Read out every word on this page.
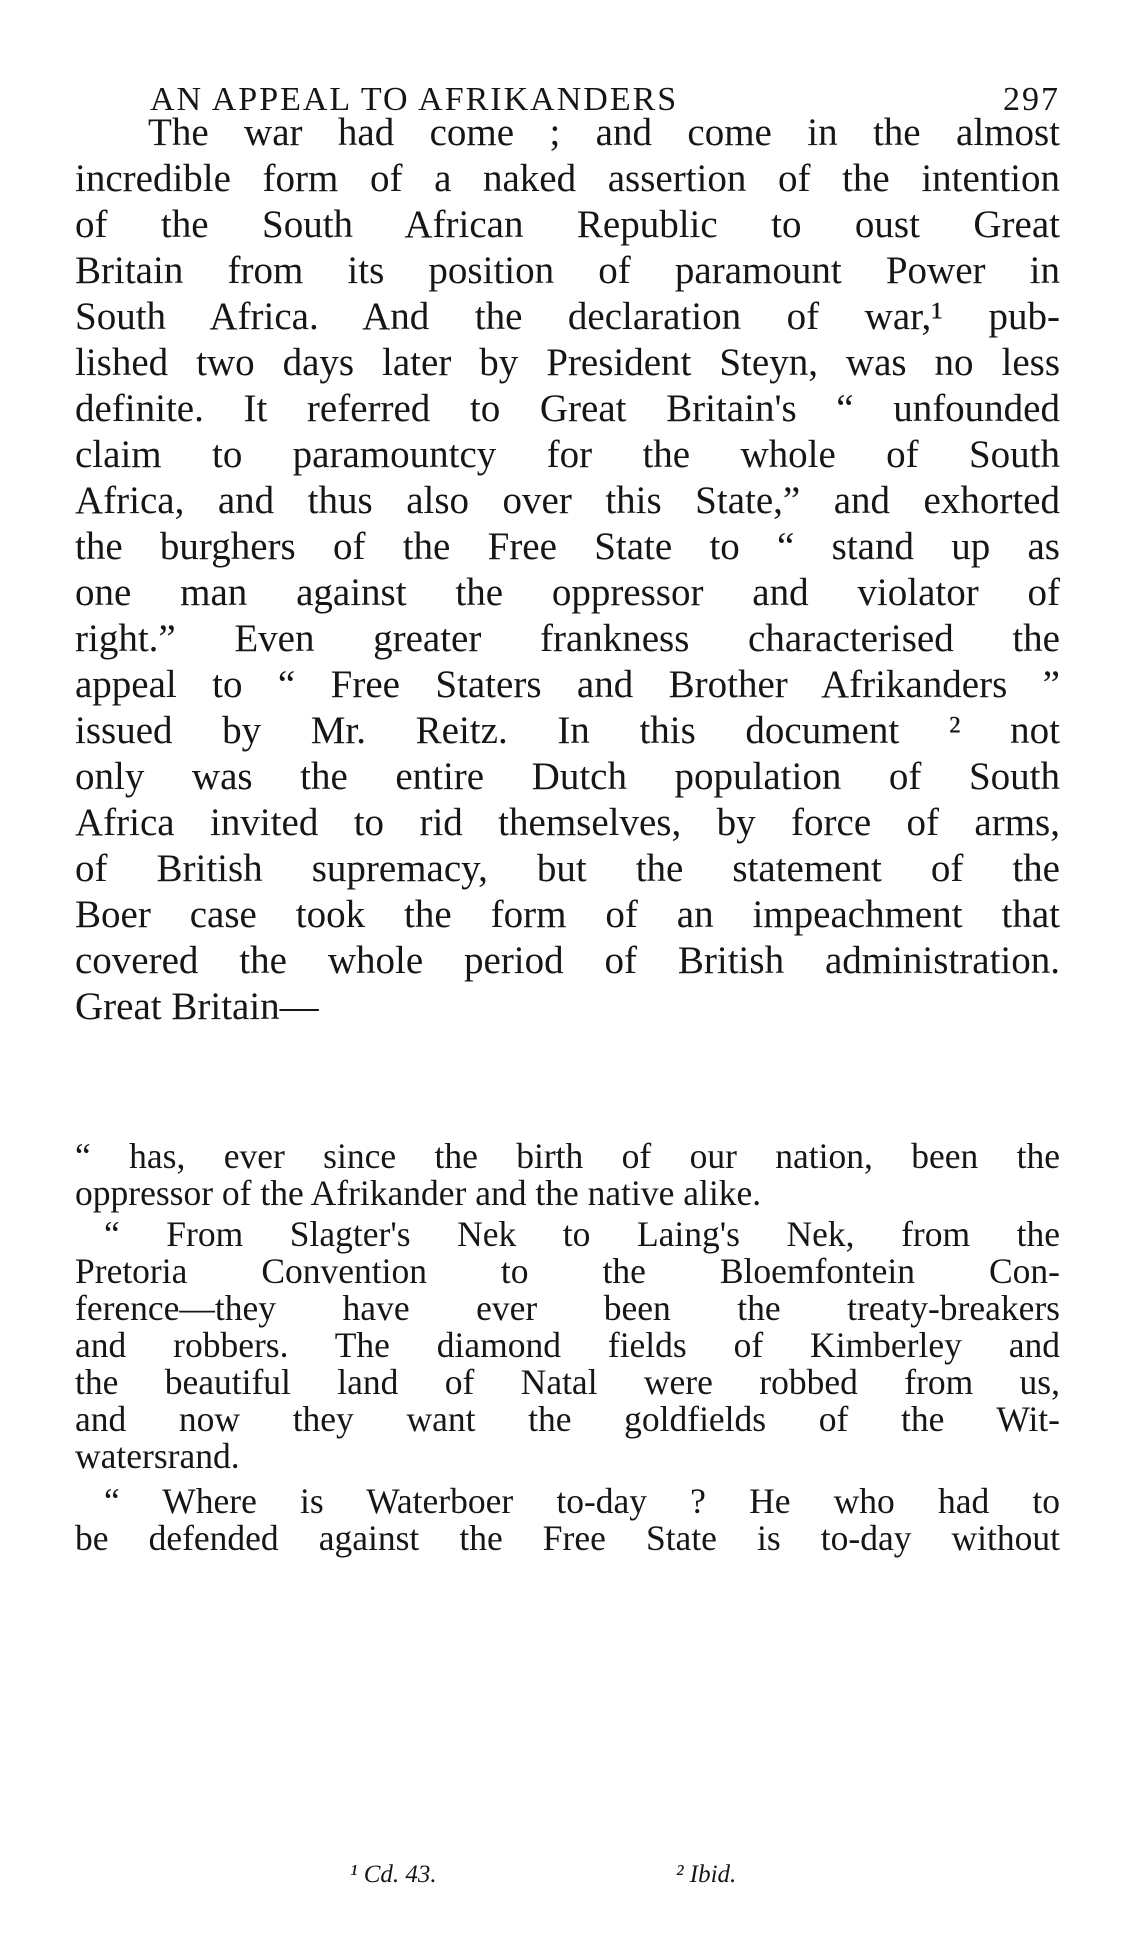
AN APPEAL TO AFRIKANDERS	297
The war had come ; and come in the almost
incredible form of a naked assertion of the intention
of the South African Republic to oust Great
Britain from its position of paramount Power in
South Africa. And the declaration of war,¹ pub-
lished two days later by President Steyn, was no less
definite. It referred to Great Britain's “ unfounded
claim to paramountcy for the whole of South
Africa, and thus also over this State,” and exhorted
the burghers of the Free State to “ stand up as
one man against the oppressor and violator of
right.” Even greater frankness characterised the
appeal to “ Free Staters and Brother Afrikanders ”
issued by Mr. Reitz. In this document ² not
only was the entire Dutch population of South
Africa invited to rid themselves, by force of arms,
of British supremacy, but the statement of the
Boer case took the form of an impeachment that
covered the whole period of British administration.
Great Britain—
“ has, ever since the birth of our nation, been the
oppressor of the Afrikander and the native alike.
“ From Slagter's Nek to Laing's Nek, from the
Pretoria Convention to the Bloemfontein Con-
ference—they have ever been the treaty-breakers
and robbers. The diamond fields of Kimberley and
the beautiful land of Natal were robbed from us,
and now they want the goldfields of the Wit-
watersrand.
“ Where is Waterboer to-day ? He who had to
be defended against the Free State is to-day without
¹ Cd. 43.	² Ibid.
